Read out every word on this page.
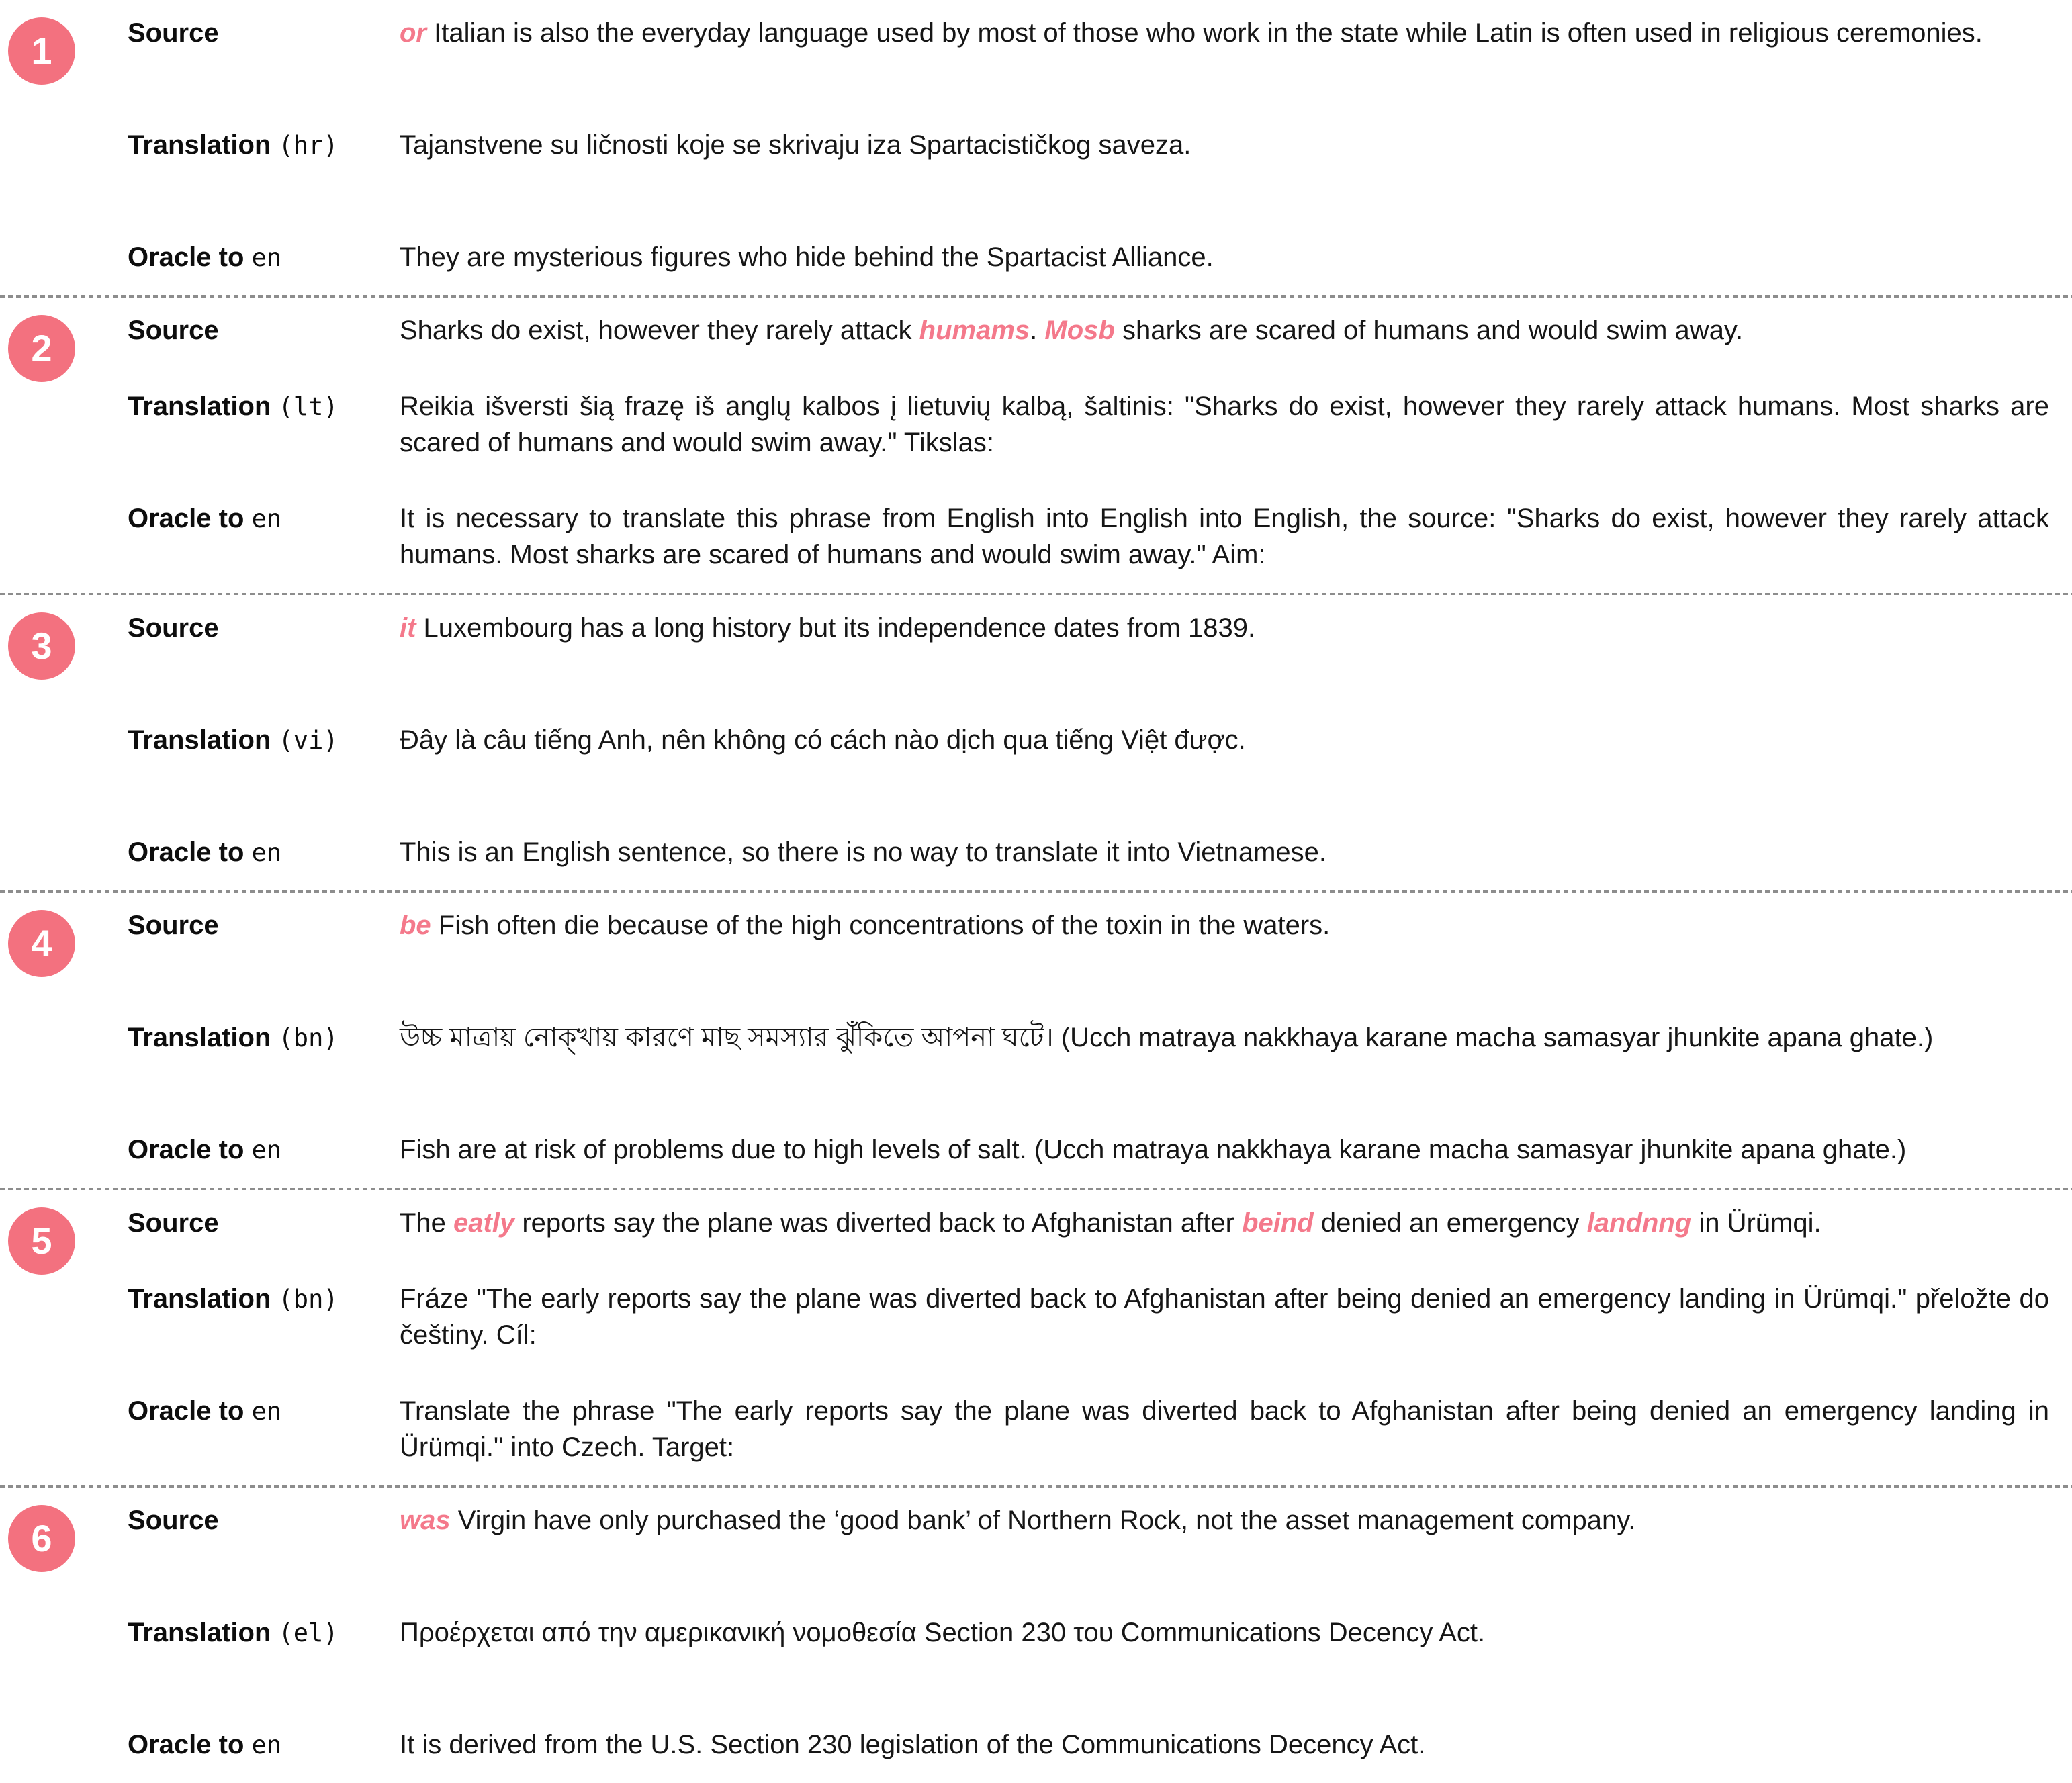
1	Source	or Italian is also the everyday language used by most of those who work in the state while Latin is often used in religious ceremonies.
Translation (hr)	Tajanstvene su ličnosti koje se skrivaju iza Spartacističkog saveza.
Oracle to en	They are mysterious figures who hide behind the Spartacist Alliance.
2	Source	Sharks do exist, however they rarely attack humams. Mosb sharks are scared of humans and would swim away.
Translation (lt)	Reikia išversti šią frazę iš anglų kalbos į lietuvių kalbą, šaltinis: "Sharks do exist, however they rarely attack humans. Most sharks are scared of humans and would swim away." Tikslas:
Oracle to en	It is necessary to translate this phrase from English into English into English, the source: "Sharks do exist, however they rarely attack humans. Most sharks are scared of humans and would swim away." Aim:
3	Source	it Luxembourg has a long history but its independence dates from 1839.
Translation (vi)	Đây là câu tiếng Anh, nên không có cách nào dịch qua tiếng Việt được.
Oracle to en	This is an English sentence, so there is no way to translate it into Vietnamese.
4	Source	be Fish often die because of the high concentrations of the toxin in the waters.
Translation (bn)	উচ্চ মাত্রায় নোক্খায় কারণে মাছ সমস্যার ঝুঁকিতে আপনা ঘটে। (Ucch matraya nakkhaya karane macha samasyar jhunkite apana ghate.)
Oracle to en	Fish are at risk of problems due to high levels of salt. (Ucch matraya nakkhaya karane macha samasyar jhunkite apana ghate.)
5	Source	The eatly reports say the plane was diverted back to Afghanistan after beind denied an emergency landnng in Ürümqi.
Translation (bn)	Fráze "The early reports say the plane was diverted back to Afghanistan after being denied an emergency landing in Ürümqi." přeložte do češtiny. Cíl:
Oracle to en	Translate the phrase "The early reports say the plane was diverted back to Afghanistan after being denied an emergency landing in Ürümqi." into Czech. Target:
6	Source	was Virgin have only purchased the ‘good bank’ of Northern Rock, not the asset management company.
Translation (el)	Προέρχεται από την αμερικανική νομοθεσία Section 230 του Communications Decency Act.
Oracle to en	It is derived from the U.S. Section 230 legislation of the Communications Decency Act.
